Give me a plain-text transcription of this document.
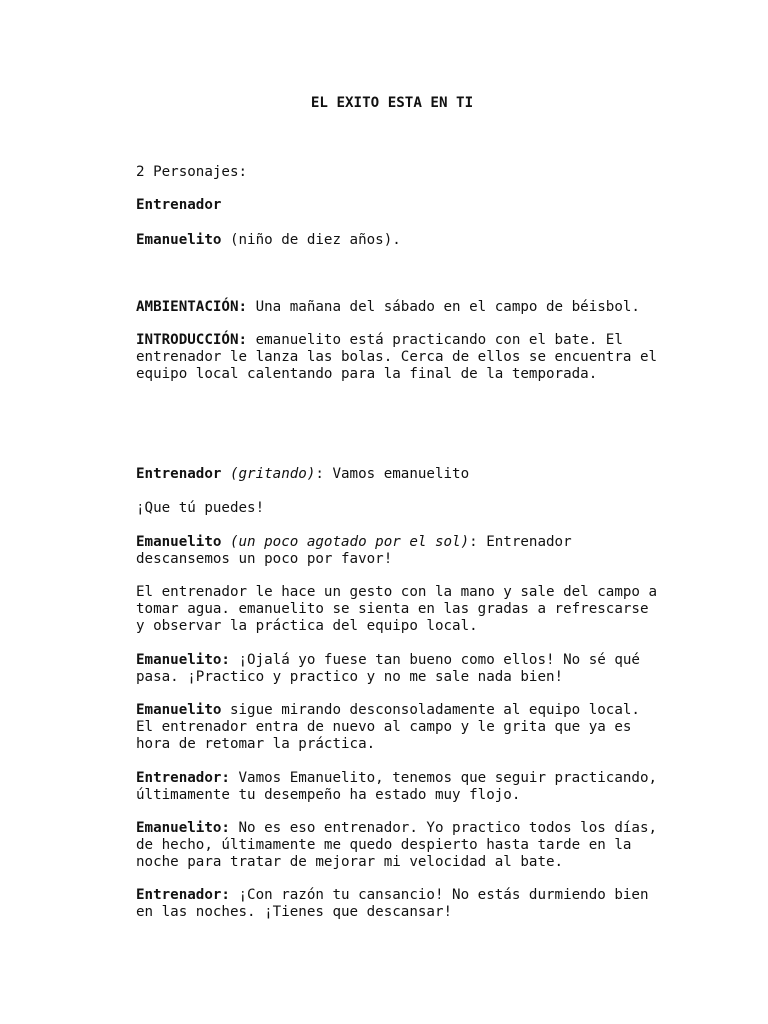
EL EXITO ESTA EN TI
2 Personajes:
Entrenador
Emanuelito (niño de diez años).
AMBIENTACIÓN: Una mañana del sábado en el campo de béisbol.
INTRODUCCIÓN: emanuelito está practicando con el bate. El
entrenador le lanza las bolas. Cerca de ellos se encuentra el
equipo local calentando para la final de la temporada.
Entrenador (gritando): Vamos emanuelito
¡Que tú puedes!
Emanuelito (un poco agotado por el sol): Entrenador
descansemos un poco por favor!
El entrenador le hace un gesto con la mano y sale del campo a
tomar agua. emanuelito se sienta en las gradas a refrescarse
y observar la práctica del equipo local.
Emanuelito: ¡Ojalá yo fuese tan bueno como ellos! No sé qué
pasa. ¡Practico y practico y no me sale nada bien!
Emanuelito sigue mirando desconsoladamente al equipo local.
El entrenador entra de nuevo al campo y le grita que ya es
hora de retomar la práctica.
Entrenador: Vamos Emanuelito, tenemos que seguir practicando,
últimamente tu desempeño ha estado muy flojo.
Emanuelito: No es eso entrenador. Yo practico todos los días,
de hecho, últimamente me quedo despierto hasta tarde en la
noche para tratar de mejorar mi velocidad al bate.
Entrenador: ¡Con razón tu cansancio! No estás durmiendo bien
en las noches. ¡Tienes que descansar!
